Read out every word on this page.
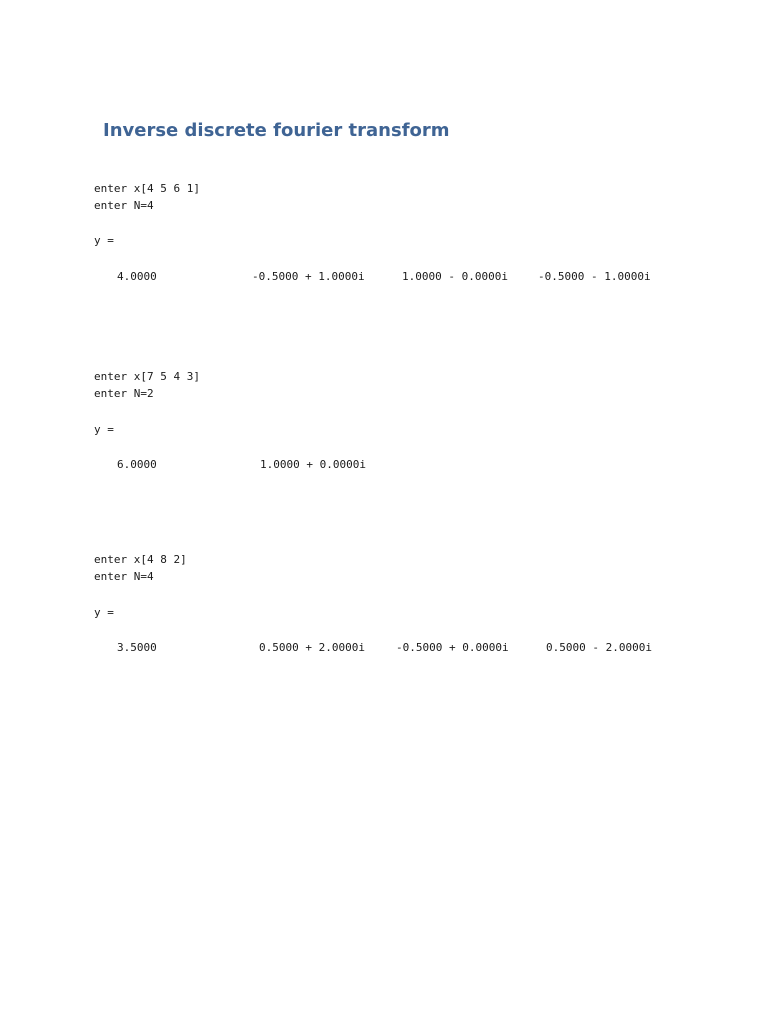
Inverse discrete fourier transform

enter x[4 5 6 1]

enter N=4

y =

4.0000

	-0.5000 + 1.0000i

	1.0000 - 0.0000i

	-0.5000 - 1.0000i

enter x[7 5 4 3]

enter N=2

y =

6.0000

	1.0000 + 0.0000i

enter x[4 8 2]

enter N=4

y =

3.5000

	0.5000 + 2.0000i

	-0.5000 + 0.0000i

	0.5000 - 2.0000i
